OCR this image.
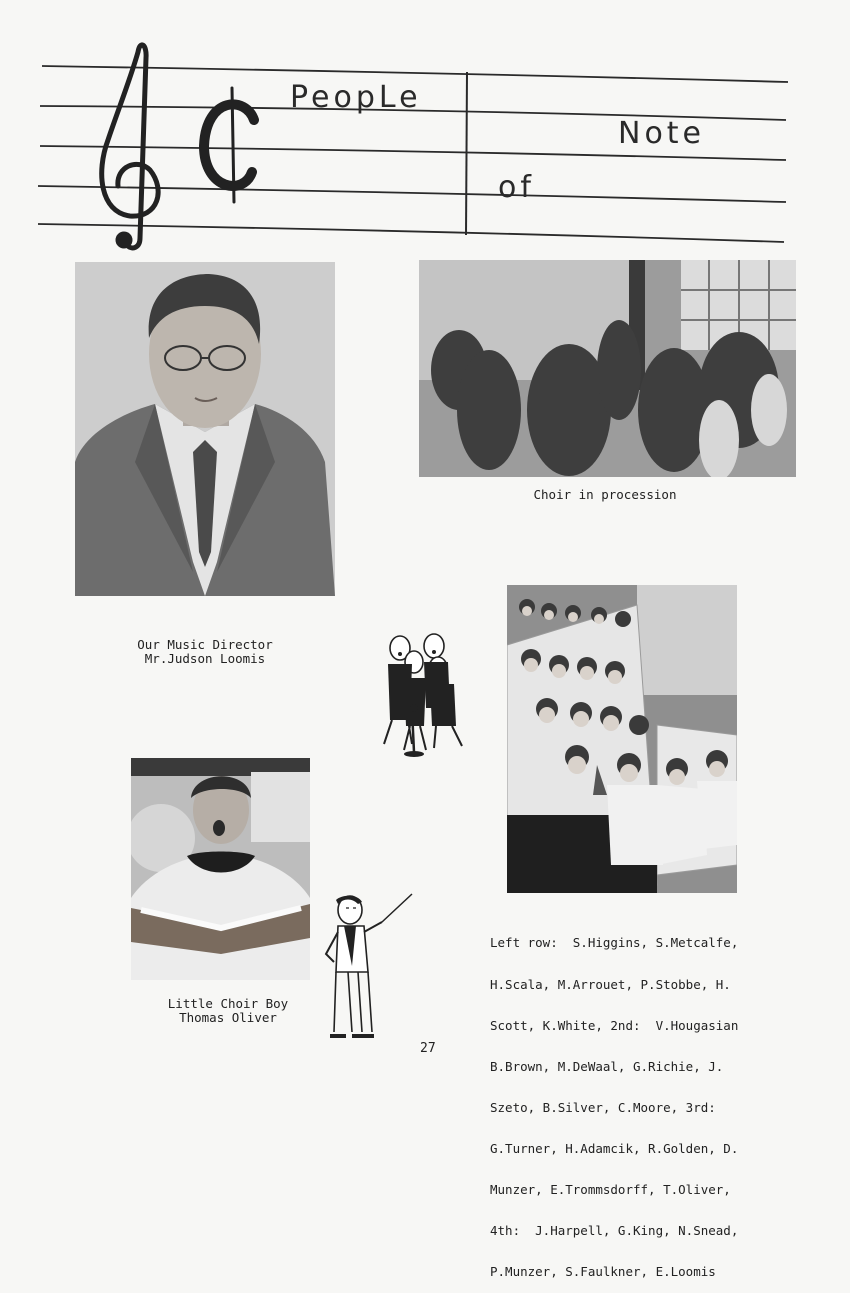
PeopLe
of
Note
Choir in procession
Our Music Director
Mr.Judson Loomis
Little Choir Boy
Thomas Oliver

Left row:  S.Higgins, S.Metcalfe,

H.Scala, M.Arrouet, P.Stobbe, H.

Scott, K.White, 2nd:  V.Hougasian

B.Brown, M.DeWaal, G.Richie, J.

Szeto, B.Silver, C.Moore, 3rd:

G.Turner, H.Adamcik, R.Golden, D.

Munzer, E.Trommsdorff, T.Oliver,

4th:  J.Harpell, G.King, N.Snead,

P.Munzer, S.Faulkner, E.Loomis

27
